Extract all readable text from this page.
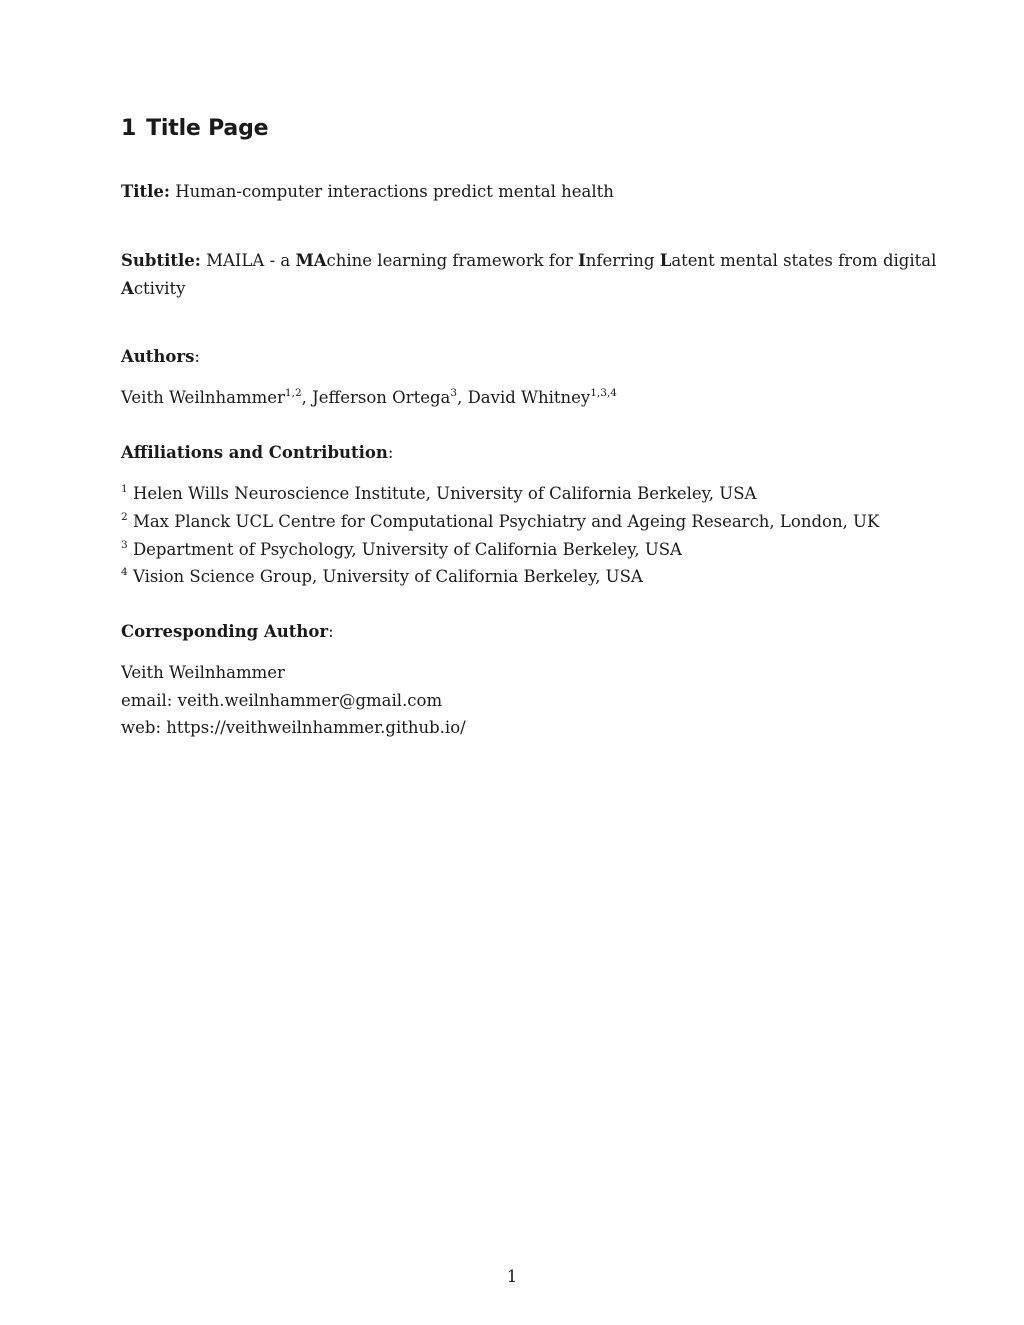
1 Title Page
Title: Human-computer interactions predict mental health
Subtitle: MAILA - a MAchine learning framework for Inferring Latent mental states from digital
Activity
Authors:
Veith Weilnhammer$^{1,2}$, Jefferson Ortega$^3$, David Whitney$^{1,3,4}$
Affiliations and Contribution:
$^1$ Helen Wills Neuroscience Institute, University of California Berkeley, USA
$^2$ Max Planck UCL Centre for Computational Psychiatry and Ageing Research, London, UK
$^3$ Department of Psychology, University of California Berkeley, USA
$^4$ Vision Science Group, University of California Berkeley, USA
Corresponding Author:
Veith Weilnhammer
email: veith.weilnhammer@gmail.com
web: https://veithweilnhammer.github.io/
1
